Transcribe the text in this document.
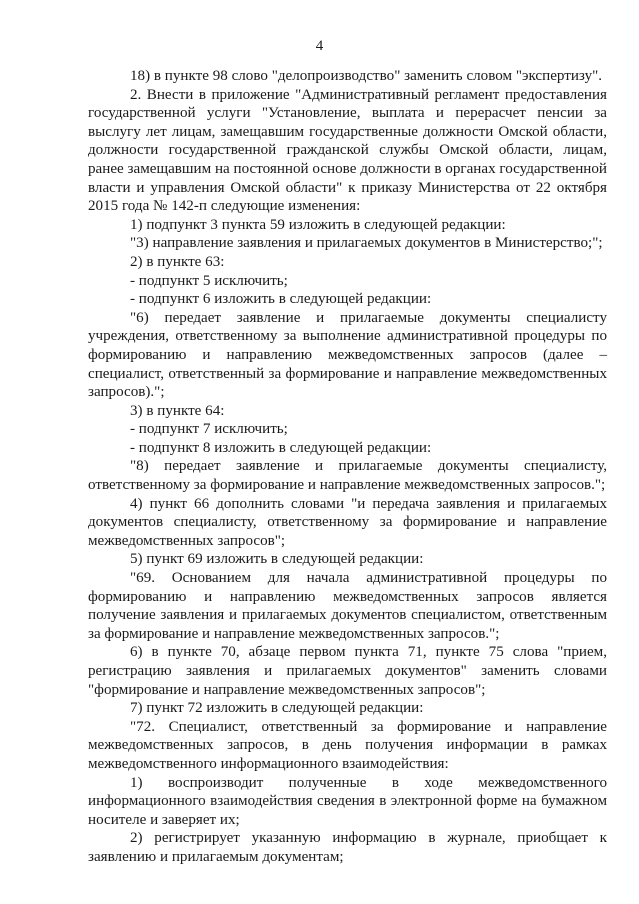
4

18) в пункте 98 слово "делопроизводство" заменить словом "экспертизу".

2. Внести в приложение "Административный регламент предоставления государственной услуги "Установление, выплата и перерасчет пенсии за выслугу лет лицам, замещавшим государственные должности Омской области, должности государственной гражданской службы Омской области, лицам, ранее замещавшим на постоянной основе должности в органах государственной власти и управления Омской области" к приказу Министерства от 22 октября 2015 года № 142-п следующие изменения:

1) подпункт 3 пункта 59 изложить в следующей редакции:

"3) направление заявления и прилагаемых документов в Министерство;";

2) в пункте 63:

- подпункт 5 исключить;

- подпункт 6 изложить в следующей редакции:

"6) передает заявление и прилагаемые документы специалисту учреждения, ответственному за выполнение административной процедуры по формированию и направлению межведомственных запросов (далее – специалист, ответственный за формирование и направление межведомственных запросов).";

3) в пункте 64:

- подпункт 7 исключить;

- подпункт 8 изложить в следующей редакции:

"8) передает заявление и прилагаемые документы специалисту, ответственному за формирование и направление межведомственных запросов.";

4) пункт 66 дополнить словами "и передача заявления и прилагаемых документов специалисту, ответственному за формирование и направление межведомственных запросов";

5) пункт 69 изложить в следующей редакции:

"69. Основанием для начала административной процедуры по формированию и направлению межведомственных запросов является получение заявления и прилагаемых документов специалистом, ответственным за формирование и направление межведомственных запросов.";

6) в пункте 70, абзаце первом пункта 71, пункте 75 слова "прием, регистрацию заявления и прилагаемых документов" заменить словами "формирование и направление межведомственных запросов";

7) пункт 72 изложить в следующей редакции:

"72. Специалист, ответственный за формирование и направление межведомственных запросов, в день получения информации в рамках межведомственного информационного взаимодействия:

1) воспроизводит полученные в ходе межведомственного информационного взаимодействия сведения в электронной форме на бумажном носителе и заверяет их;

2) регистрирует указанную информацию в журнале, приобщает к заявлению и прилагаемым документам;
